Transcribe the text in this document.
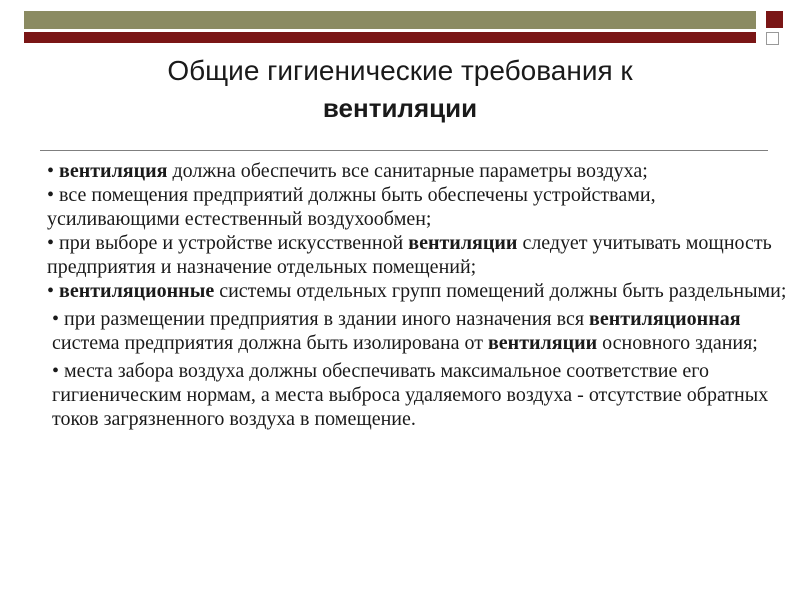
Общие гигиенические требования к
вентиляции

• вентиляция должна обеспечить все санитарные параметры воздуха;

• все помещения предприятий должны быть обеспечены устройствами, усиливающими естественный воздухообмен;

• при выборе и устройстве искусственной вентиляции следует учитывать мощность предприятия и назначение отдельных помещений;

• вентиляционные системы отдельных групп помещений должны быть раздельными;

• при размещении предприятия в здании иного назначения вся вентиляционная система предприятия должна быть изолирована от вентиляции основного здания;

• места забора воздуха должны обеспечивать максимальное соответствие его гигиеническим нормам, а места выброса удаляемого воздуха - отсутствие обратных токов загрязненного воздуха в помещение.
